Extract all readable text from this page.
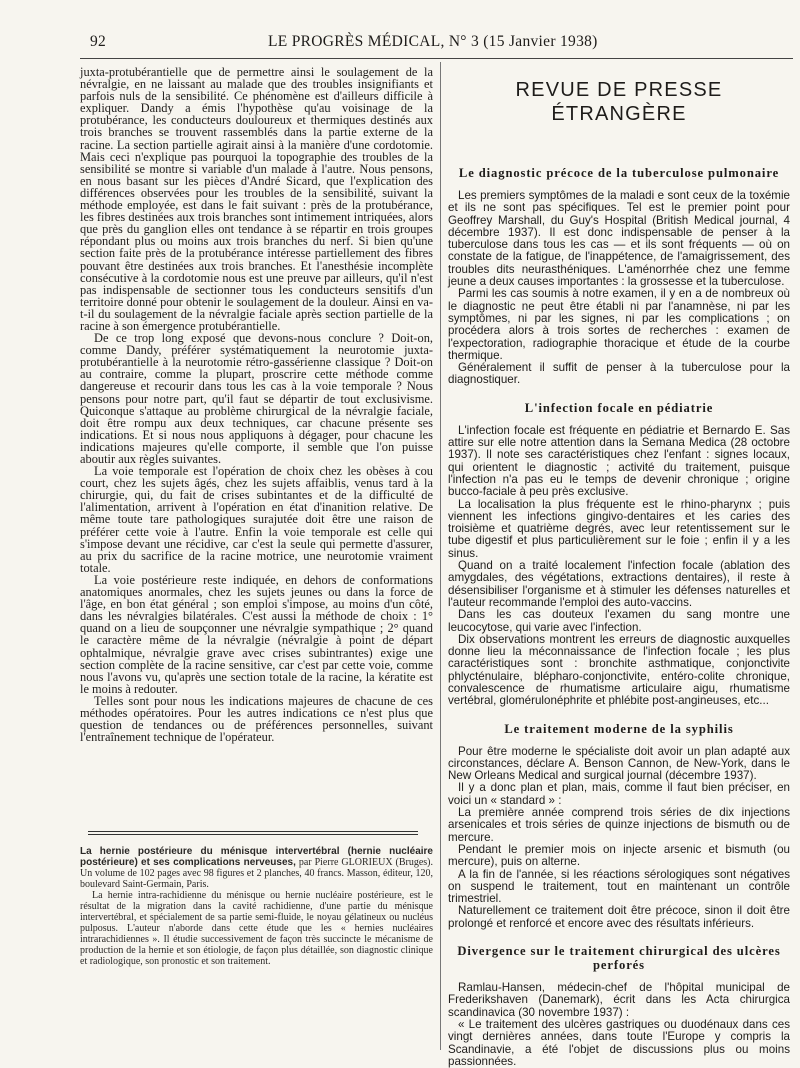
92	LE PROGRÈS MÉDICAL, N° 3 (15 Janvier 1938)

juxta-protubérantielle que de permettre ainsi le soulagement de la névralgie, en ne laissant au malade que des troubles insignifiants et parfois nuls de la sensibilité. Ce phénomène est d'ailleurs difficile à expliquer. Dandy a émis l'hypothèse qu'au voisinage de la protubérance, les conducteurs douloureux et thermiques destinés aux trois branches se trouvent rassemblés dans la partie externe de la racine. La section partielle agirait ainsi à la manière d'une cordotomie. Mais ceci n'explique pas pourquoi la topographie des troubles de la sensibilité se montre si variable d'un malade à l'autre. Nous pensons, en nous basant sur les pièces d'André Sicard, que l'explication des différences observées pour les troubles de la sensibilité, suivant la méthode employée, est dans le fait suivant : près de la protubérance, les fibres destinées aux trois branches sont intimement intriquées, alors que près du ganglion elles ont tendance à se répartir en trois groupes répondant plus ou moins aux trois branches du nerf. Si bien qu'une section faite près de la protubérance intéresse partiellement des fibres pouvant être destinées aux trois branches. Et l'anesthésie incomplète consécutive à la cordotomie nous est une preuve par ailleurs, qu'il n'est pas indispensable de sectionner tous les conducteurs sensitifs d'un territoire donné pour obtenir le soulagement de la douleur. Ainsi en va-t-il du soulagement de la névralgie faciale après section partielle de la racine à son émergence protubérantielle.

De ce trop long exposé que devons-nous conclure ? Doit-on, comme Dandy, préférer systématiquement la neurotomie juxta-protubérantielle à la neurotomie rétro-gassérienne classique ? Doit-on au contraire, comme la plupart, proscrire cette méthode comme dangereuse et recourir dans tous les cas à la voie temporale ? Nous pensons pour notre part, qu'il faut se départir de tout exclusivisme. Quiconque s'attaque au problème chirurgical de la névralgie faciale, doit être rompu aux deux techniques, car chacune présente ses indications. Et si nous nous appliquons à dégager, pour chacune les indications majeures qu'elle comporte, il semble que l'on puisse aboutir aux règles suivantes.

La voie temporale est l'opération de choix chez les obèses à cou court, chez les sujets âgés, chez les sujets affaiblis, venus tard à la chirurgie, qui, du fait de crises subintantes et de la difficulté de l'alimentation, arrivent à l'opération en état d'inanition relative. De même toute tare pathologiques surajutée doit être une raison de préférer cette voie à l'autre. Enfin la voie temporale est celle qui s'impose devant une récidive, car c'est la seule qui permette d'assurer, au prix du sacrifice de la racine motrice, une neurotomie vraiment totale.

La voie postérieure reste indiquée, en dehors de conformations anatomiques anormales, chez les sujets jeunes ou dans la force de l'âge, en bon état général ; son emploi s'impose, au moins d'un côté, dans les névralgies bilatérales. C'est aussi la méthode de choix : 1° quand on a lieu de soupçonner une névralgie sympathique ; 2° quand le caractère même de la névralgie (névralgie à point de départ ophtalmique, névralgie grave avec crises subintrantes) exige une section complète de la racine sensitive, car c'est par cette voie, comme nous l'avons vu, qu'après une section totale de la racine, la kératite est le moins à redouter.

Telles sont pour nous les indications majeures de chacune de ces méthodes opératoires. Pour les autres indications ce n'est plus que question de tendances ou de préférences personnelles, suivant l'entraînement technique de l'opérateur.

La hernie postérieure du ménisque intervertébral (hernie nucléaire postérieure) et ses complications nerveuses, par Pierre GLORIEUX (Bruges). Un volume de 102 pages avec 98 figures et 2 planches, 40 francs. Masson, éditeur, 120, boulevard Saint-Germain, Paris.

La hernie intra-rachidienne du ménisque ou hernie nucléaire postérieure, est le résultat de la migration dans la cavité rachidienne, d'une partie du ménisque intervertébral, et spécialement de sa partie semi-fluide, le noyau gélatineux ou nucléus pulposus. L'auteur n'aborde dans cette étude que les « hernies nucléaires intrarachidiennes ». Il étudie successivement de façon très succincte le mécanisme de production de la hernie et son étiologie, de façon plus détaillée, son diagnostic clinique et radiologique, son pronostic et son traitement.

REVUE DE PRESSE ÉTRANGÈRE
Le diagnostic précoce de la tuberculose pulmonaire

Les premiers symptômes de la maladi e sont ceux de la toxémie et ils ne sont pas spécifiques. Tel est le premier point pour Geoffrey Marshall, du Guy's Hospital (British Medical journal, 4 décembre 1937). Il est donc indispensable de penser à la tuberculose dans tous les cas — et ils sont fréquents — où on constate de la fatigue, de l'inappétence, de l'amaigrissement, des troubles dits neurasthéniques. L'aménorrhée chez une femme jeune a deux causes importantes : la grossesse et la tuberculose.

Parmi les cas soumis à notre examen, il y en a de nombreux où le diagnostic ne peut être établi ni par l'anamnèse, ni par les symptômes, ni par les signes, ni par les complications ; on procédera alors à trois sortes de recherches : examen de l'expectoration, radiographie thoracique et étude de la courbe thermique.

Généralement il suffit de penser à la tuberculose pour la diagnostiquer.

L'infection focale en pédiatrie

L'infection focale est fréquente en pédiatrie et Bernardo E. Sas attire sur elle notre attention dans la Semana Medica (28 octobre 1937). Il note ses caractéristiques chez l'enfant : signes locaux, qui orientent le diagnostic ; activité du traitement, puisque l'infection n'a pas eu le temps de devenir chronique ; origine bucco-faciale à peu près exclusive.

La localisation la plus fréquente est le rhino-pharynx ; puis viennent les infections gingivo-dentaires et les caries des troisième et quatrième degrés, avec leur retentissement sur le tube digestif et plus particulièrement sur le foie ; enfin il y a les sinus.

Quand on a traité localement l'infection focale (ablation des amygdales, des végétations, extractions dentaires), il reste à désensibiliser l'organisme et à stimuler les défenses naturelles et l'auteur recommande l'emploi des auto-vaccins.

Dans les cas douteux l'examen du sang montre une leucocytose, qui varie avec l'infection.

Dix observations montrent les erreurs de diagnostic auxquelles donne lieu la méconnaissance de l'infection focale ; les plus caractéristiques sont : bronchite asthmatique, conjonctivite phlycténulaire, blépharo-conjonctivite, entéro-colite chronique, convalescence de rhumatisme articulaire aigu, rhumatisme vertébral, glomérulonéphrite et phlébite post-angineuses, etc...

Le traitement moderne de la syphilis

Pour être moderne le spécialiste doit avoir un plan adapté aux circonstances, déclare A. Benson Cannon, de New-York, dans le New Orleans Medical and surgical journal (décembre 1937).

Il y a donc plan et plan, mais, comme il faut bien préciser, en voici un « standard » :

La première année comprend trois séries de dix injections arsenicales et trois séries de quinze injections de bismuth ou de mercure.

Pendant le premier mois on injecte arsenic et bismuth (ou mercure), puis on alterne.

A la fin de l'année, si les réactions sérologiques sont négatives on suspend le traitement, tout en maintenant un contrôle trimestriel.

Naturellement ce traitement doit être précoce, sinon il doit être prolongé et renforcé et encore avec des résultats inférieurs.

Divergence sur le traitement chirurgical des ulcères perforés

Ramlau-Hansen, médecin-chef de l'hôpital municipal de Frederikshaven (Danemark), écrit dans les Acta chirurgica scandinavica (30 novembre 1937) :

« Le traitement des ulcères gastriques ou duodénaux dans ces vingt dernières années, dans toute l'Europe y compris la Scandinavie, a été l'objet de discussions plus ou moins passionnées.
